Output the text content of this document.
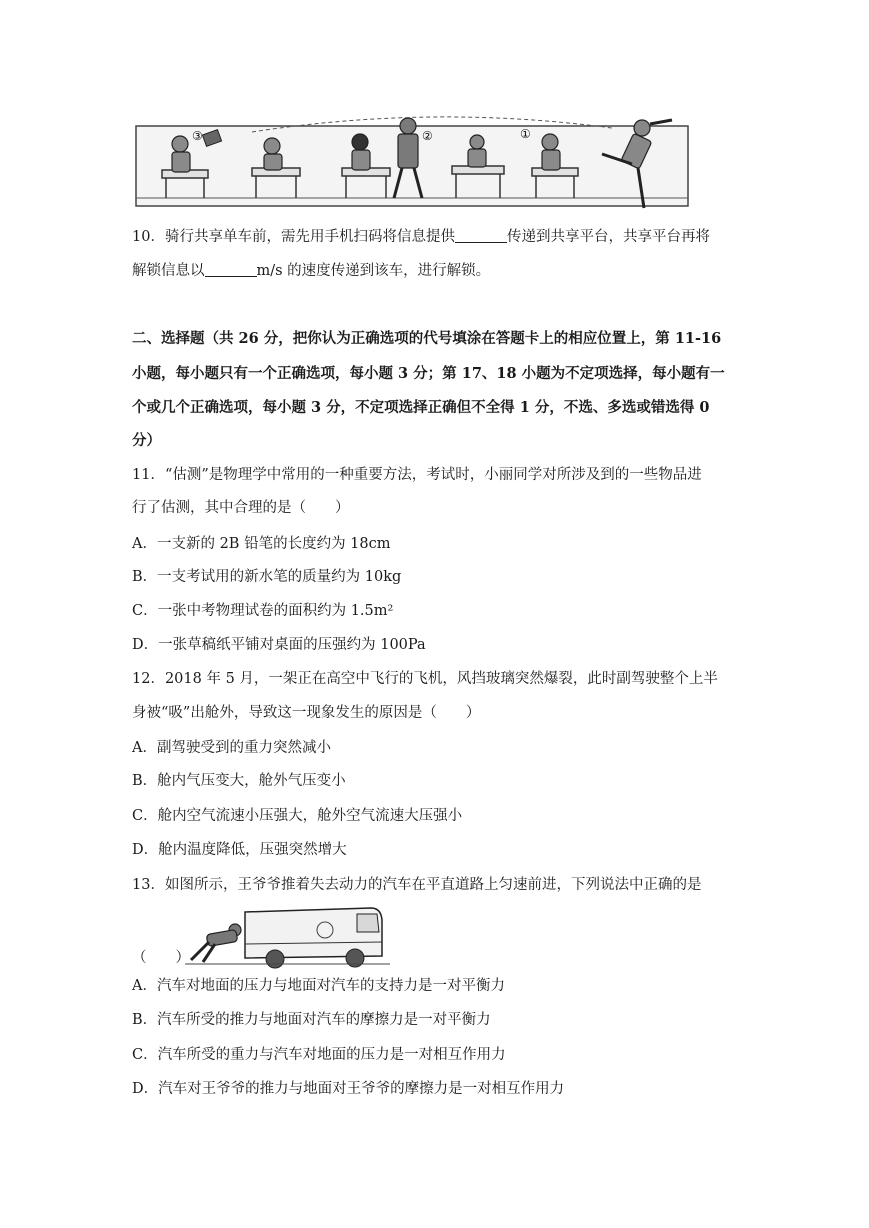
③	②	①
10．骑行共享单车前，需先用手机扫码将信息提供	传递到共享平台，共享平台再将
解锁信息以	m/s 的速度传递到该车，进行解锁。
二、选择题（共 26 分，把你认为正确选项的代号填涂在答题卡上的相应位置上，第 11-16
小题，每小题只有一个正确选项，每小题 3 分；第 17、18 小题为不定项选择，每小题有一
个或几个正确选项，每小题 3 分，不定项选择正确但不全得 1 分，不选、多选或错选得 0
分）
11．“估测”是物理学中常用的一种重要方法，考试时，小丽同学对所涉及到的一些物品进
行了估测，其中合理的是（　　）
A．一支新的 2B 铅笔的长度约为 18cm
B．一支考试用的新水笔的质量约为 10kg
C．一张中考物理试卷的面积约为 1.5m²
D．一张草稿纸平铺对桌面的压强约为 100Pa
12．2018 年 5 月，一架正在高空中飞行的飞机，风挡玻璃突然爆裂，此时副驾驶整个上半
身被“吸”出舱外，导致这一现象发生的原因是（　　）
A．副驾驶受到的重力突然减小
B．舱内气压变大，舱外气压变小
C．舱内空气流速小压强大，舱外空气流速大压强小
D．舱内温度降低，压强突然增大
13．如图所示，王爷爷推着失去动力的汽车在平直道路上匀速前进，下列说法中正确的是
（　　）
A．汽车对地面的压力与地面对汽车的支持力是一对平衡力
B．汽车所受的推力与地面对汽车的摩擦力是一对平衡力
C．汽车所受的重力与汽车对地面的压力是一对相互作用力
D．汽车对王爷爷的推力与地面对王爷爷的摩擦力是一对相互作用力
